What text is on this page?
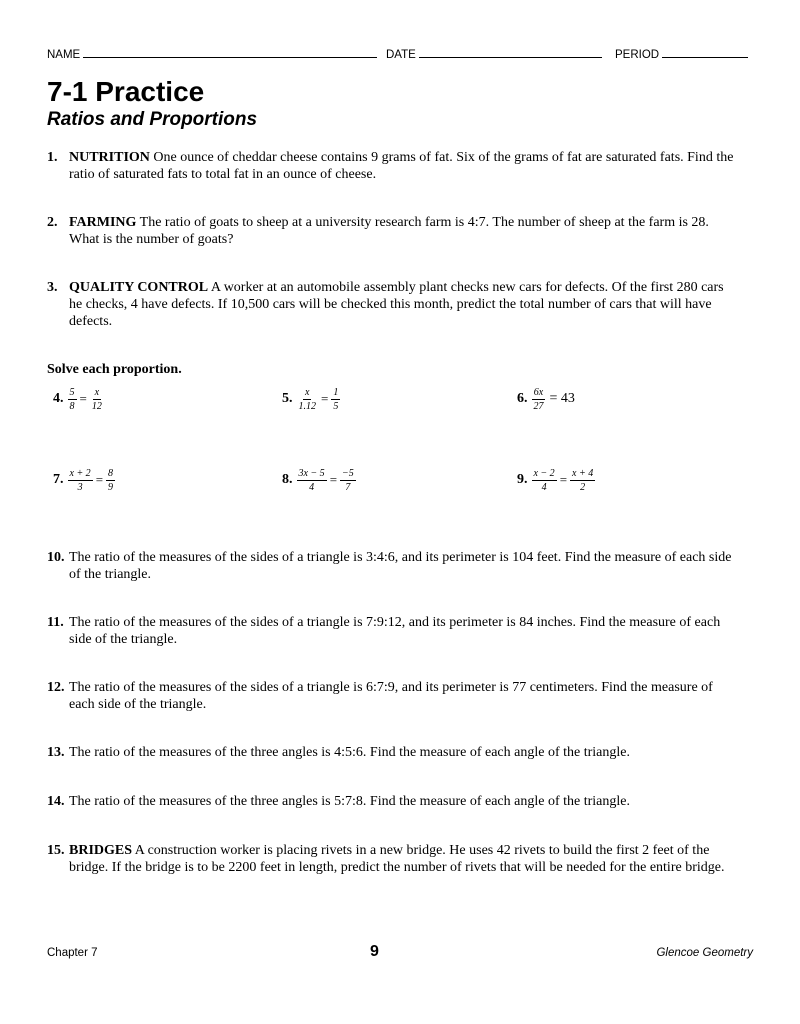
NAME	DATE	PERIOD
7-1 Practice
Ratios and Proportions
1. NUTRITION One ounce of cheddar cheese contains 9 grams of fat. Six of the grams of fat are saturated fats. Find the
ratio of saturated fats to total fat in an ounce of cheese.
2. FARMING The ratio of goats to sheep at a university research farm is 4:7. The number of sheep at the farm is 28.
What is the number of goats?
3. QUALITY CONTROL A worker at an automobile assembly plant checks new cars for defects. Of the first 280 cars
he checks, 4 have defects. If 10,500 cars will be checked this month, predict the total number of cars that will have
defects.
Solve each proportion.
4. $\frac{5}{8} = \frac{x}{12}$	5. $\frac{x}{1.12} = \frac{1}{5}$	6. $\frac{6x}{27} = 43$
7. $\frac{x + 2}{3} = \frac{8}{9}$	8. $\frac{3x - 5}{4} = \frac{-5}{7}$	9. $\frac{x - 2}{4} = \frac{x + 4}{2}$
10. The ratio of the measures of the sides of a triangle is 3:4:6, and its perimeter is 104 feet. Find the measure of each side
of the triangle.
11. The ratio of the measures of the sides of a triangle is 7:9:12, and its perimeter is 84 inches. Find the measure of each
side of the triangle.
12. The ratio of the measures of the sides of a triangle is 6:7:9, and its perimeter is 77 centimeters. Find the measure of
each side of the triangle.
13. The ratio of the measures of the three angles is 4:5:6. Find the measure of each angle of the triangle.
14. The ratio of the measures of the three angles is 5:7:8. Find the measure of each angle of the triangle.
15. BRIDGES A construction worker is placing rivets in a new bridge. He uses 42 rivets to build the first 2 feet of the
bridge. If the bridge is to be 2200 feet in length, predict the number of rivets that will be needed for the entire bridge.
Chapter 7	9	Glencoe Geometry
